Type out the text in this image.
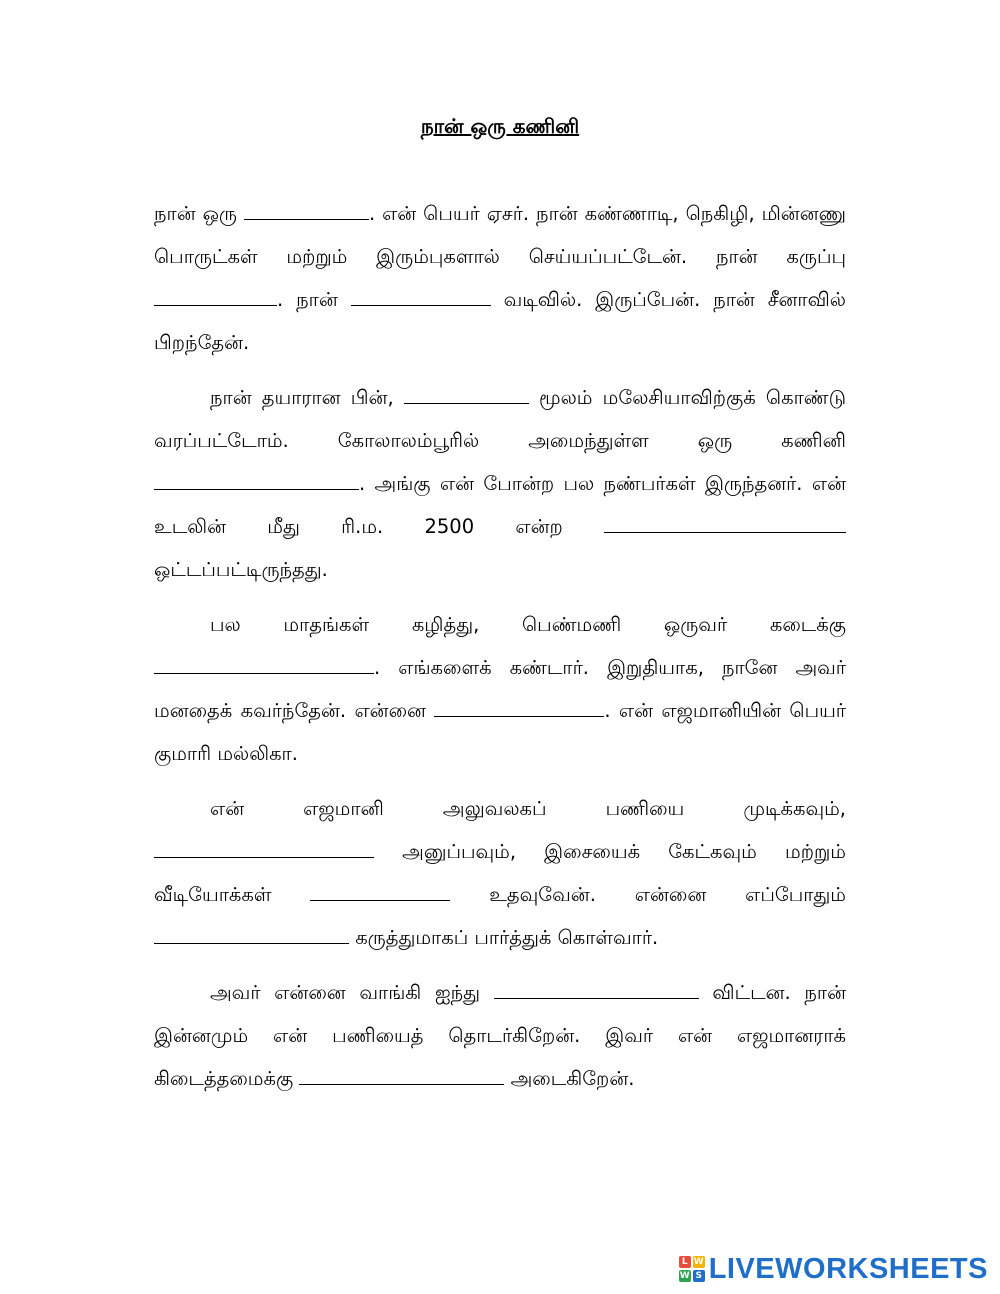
நான் ஒரு கணினி

நான் ஒரு	. என் பெயர் ஏசர். நான் கண்ணாடி, நெகிழி, மின்னணு பொருட்கள் மற்றும் இரும்புகளால் செய்யப்பட்டேன். நான் கருப்பு . நான்	வடிவில். இருப்பேன். நான் சீனாவில் பிறந்தேன்.

நான் தயாரான பின்,	மூலம் மலேசியாவிற்குக் கொண்டு வரப்பட்டோம். கோலாலம்பூரில் அமைந்துள்ள ஒரு கணினி . அங்கு என் போன்ற பல நண்பர்கள் இருந்தனர். என் உடலின் மீது ரி.ம. 2500 என்ற  ஒட்டப்பட்டிருந்தது.

பல மாதங்கள் கழித்து, பெண்மணி ஒருவர் கடைக்கு . எங்களைக் கண்டார். இறுதியாக, நானே அவர் மனதைக் கவர்ந்தேன். என்னை	. என் எஜமானியின் பெயர் குமாரி மல்லிகா.

என் எஜமானி அலுவலகப் பணியை முடிக்கவும்,  அனுப்பவும், இசையைக் கேட்கவும் மற்றும் வீடியோக்கள்	உதவுவேன். என்னை எப்போதும்  கருத்துமாகப் பார்த்துக் கொள்வார்.

அவர் என்னை வாங்கி ஐந்து	விட்டன. நான் இன்னமும் என் பணியைத் தொடர்கிறேன். இவர் என் எஜமானராக் கிடைத்தமைக்கு	அடைகிறேன்.

L W
W S LIVEWORKSHEETS
